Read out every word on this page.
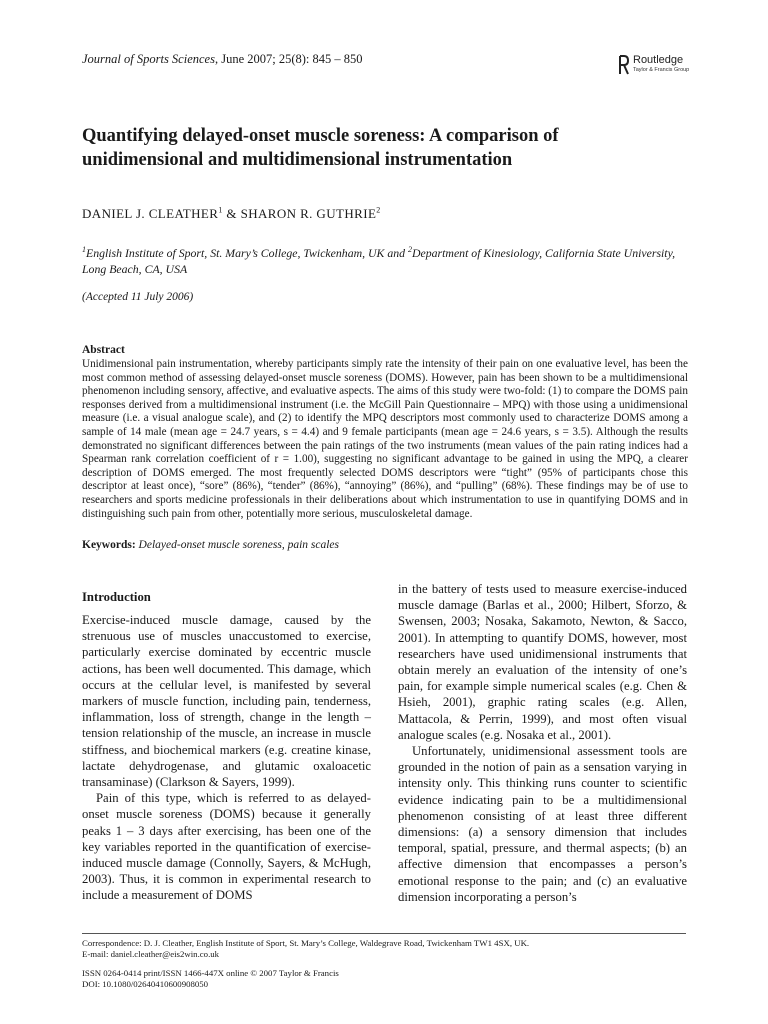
Journal of Sports Sciences, June 2007; 25(8): 845 – 850	Routledge
Taylor & Francis Group
Quantifying delayed-onset muscle soreness: A comparison of unidimensional and multidimensional instrumentation
DANIEL J. CLEATHER$^1$ & SHARON R. GUTHRIE$^2$
$^1$English Institute of Sport, St. Mary’s College, Twickenham, UK and $^2$Department of Kinesiology, California State University, Long Beach, CA, USA
(Accepted 11 July 2006)
Abstract
Unidimensional pain instrumentation, whereby participants simply rate the intensity of their pain on one evaluative level, has been the most common method of assessing delayed-onset muscle soreness (DOMS). However, pain has been shown to be a multidimensional phenomenon including sensory, affective, and evaluative aspects. The aims of this study were two-fold: (1) to compare the DOMS pain responses derived from a multidimensional instrument (i.e. the McGill Pain Questionnaire – MPQ) with those using a unidimensional measure (i.e. a visual analogue scale), and (2) to identify the MPQ descriptors most commonly used to characterize DOMS among a sample of 14 male (mean age = 24.7 years, s = 4.4) and 9 female participants (mean age = 24.6 years, s = 3.5). Although the results demonstrated no significant differences between the pain ratings of the two instruments (mean values of the pain rating indices had a Spearman rank correlation coefficient of r = 1.00), suggesting no significant advantage to be gained in using the MPQ, a clearer description of DOMS emerged. The most frequently selected DOMS descriptors were “tight” (95% of participants chose this descriptor at least once), “sore” (86%), “tender” (86%), “annoying” (86%), and “pulling” (68%). These findings may be of use to researchers and sports medicine professionals in their deliberations about which instrumentation to use in quantifying DOMS and in distinguishing such pain from other, potentially more serious, musculoskeletal damage.
Keywords: Delayed-onset muscle soreness, pain scales
Introduction

Exercise-induced muscle damage, caused by the strenuous use of muscles unaccustomed to exercise, particularly exercise dominated by eccentric muscle actions, has been well documented. This damage, which occurs at the cellular level, is manifested by several markers of muscle function, including pain, tenderness, inflammation, loss of strength, change in the length – tension relationship of the muscle, an increase in muscle stiffness, and biochemical markers (e.g. creatine kinase, lactate dehydrogenase, and glutamic oxaloacetic transaminase) (Clarkson & Sayers, 1999).

Pain of this type, which is referred to as delayed-onset muscle soreness (DOMS) because it generally peaks 1 – 3 days after exercising, has been one of the key variables reported in the quantification of exercise-induced muscle damage (Connolly, Sayers, & McHugh, 2003). Thus, it is common in experimental research to include a measurement of DOMS

in the battery of tests used to measure exercise-induced muscle damage (Barlas et al., 2000; Hilbert, Sforzo, & Swensen, 2003; Nosaka, Sakamoto, Newton, & Sacco, 2001). In attempting to quantify DOMS, however, most researchers have used unidimensional instruments that obtain merely an evaluation of the intensity of one’s pain, for example simple numerical scales (e.g. Chen & Hsieh, 2001), graphic rating scales (e.g. Allen, Mattacola, & Perrin, 1999), and most often visual analogue scales (e.g. Nosaka et al., 2001).

Unfortunately, unidimensional assessment tools are grounded in the notion of pain as a sensation varying in intensity only. This thinking runs counter to scientific evidence indicating pain to be a multidimensional phenomenon consisting of at least three different dimensions: (a) a sensory dimension that includes temporal, spatial, pressure, and thermal aspects; (b) an affective dimension that encompasses a person’s emotional response to the pain; and (c) an evaluative dimension incorporating a person’s

Correspondence: D. J. Cleather, English Institute of Sport, St. Mary’s College, Waldegrave Road, Twickenham TW1 4SX, UK.
E-mail: daniel.cleather@eis2win.co.uk
ISSN 0264-0414 print/ISSN 1466-447X online © 2007 Taylor & Francis
DOI: 10.1080/02640410600908050
